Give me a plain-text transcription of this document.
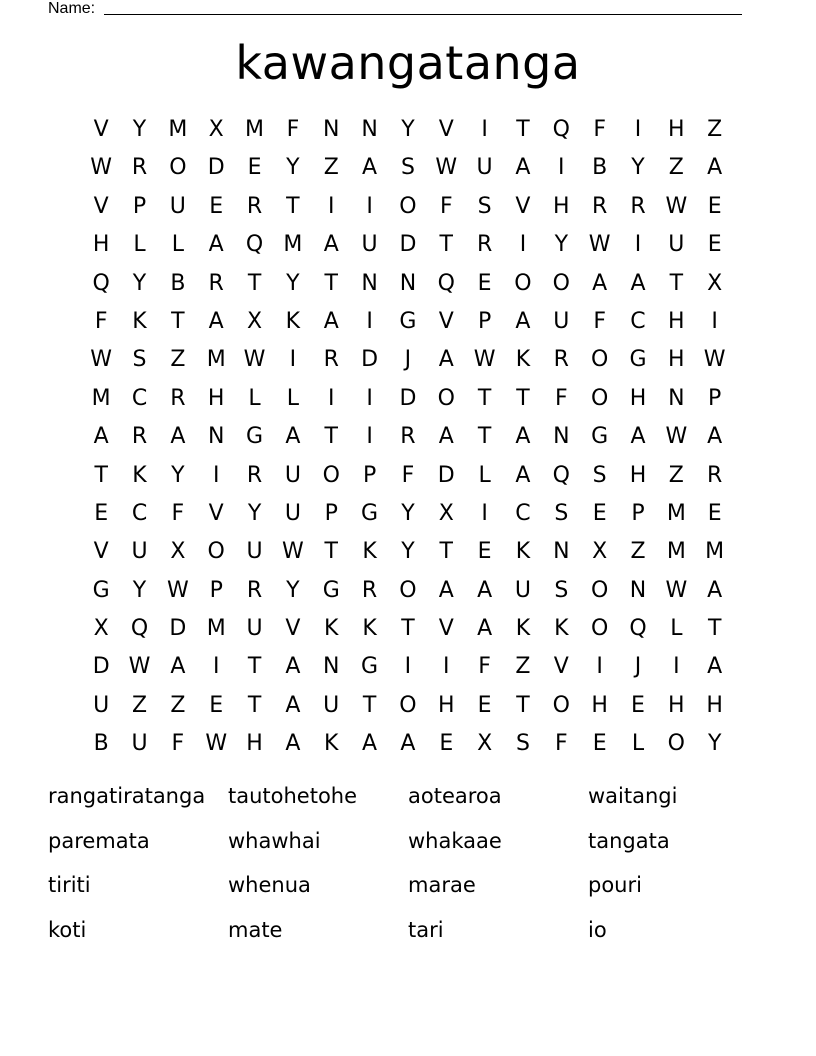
Name:
kawangatanga
V	Y	M X M	F	N N	Y	V	I	T	Q	F	I	H	Z
W R	O D	E	Y	Z	A	S W U	A	I	B	Y	Z	A
V	P	U	E	R	T	I	I	O	F	S	V	H	R	R W E
H	L	L	A	Q M A	U D	T	R	I	Y W	I	U	E
Q	Y	B	R	T	Y	T	N N Q	E	O O	A	A	T	X
F	K	T	A	X	K	A	I	G	V	P	A	U	F	C	H	I
W S	Z M W	I	R	D	J	A W K	R	O G H W
M C	R	H	L	L	I	I	D O	T	T	F	O H N	P
A	R	A	N G	A	T	I	R	A	T	A	N G	A W A
T	K	Y	I	R	U O	P	F	D	L	A	Q	S	H	Z	R
E	C	F	V	Y	U	P	G	Y	X	I	C	S	E	P	M E
V	U	X	O U W T	K	Y	T	E	K	N	X	Z M M
G	Y W P	R	Y	G	R	O	A	A	U	S	O N W A
X	Q D M U	V	K	K	T	V	A	K	K	O Q	L	T
D W A	I	T	A	N G	I	I	F	Z	V	I	J	I	A
U	Z	Z	E	T	A	U	T	O H	E	T	O H	E	H H
B	U	F W H	A	K	A	A	E	X	S	F	E	L	O	Y
rangatiratanga	tautohetohe	aotearoa	waitangi
paremata	whawhai	whakaae	tangata
tiriti	whenua	marae	pouri
koti	mate	tari	io
